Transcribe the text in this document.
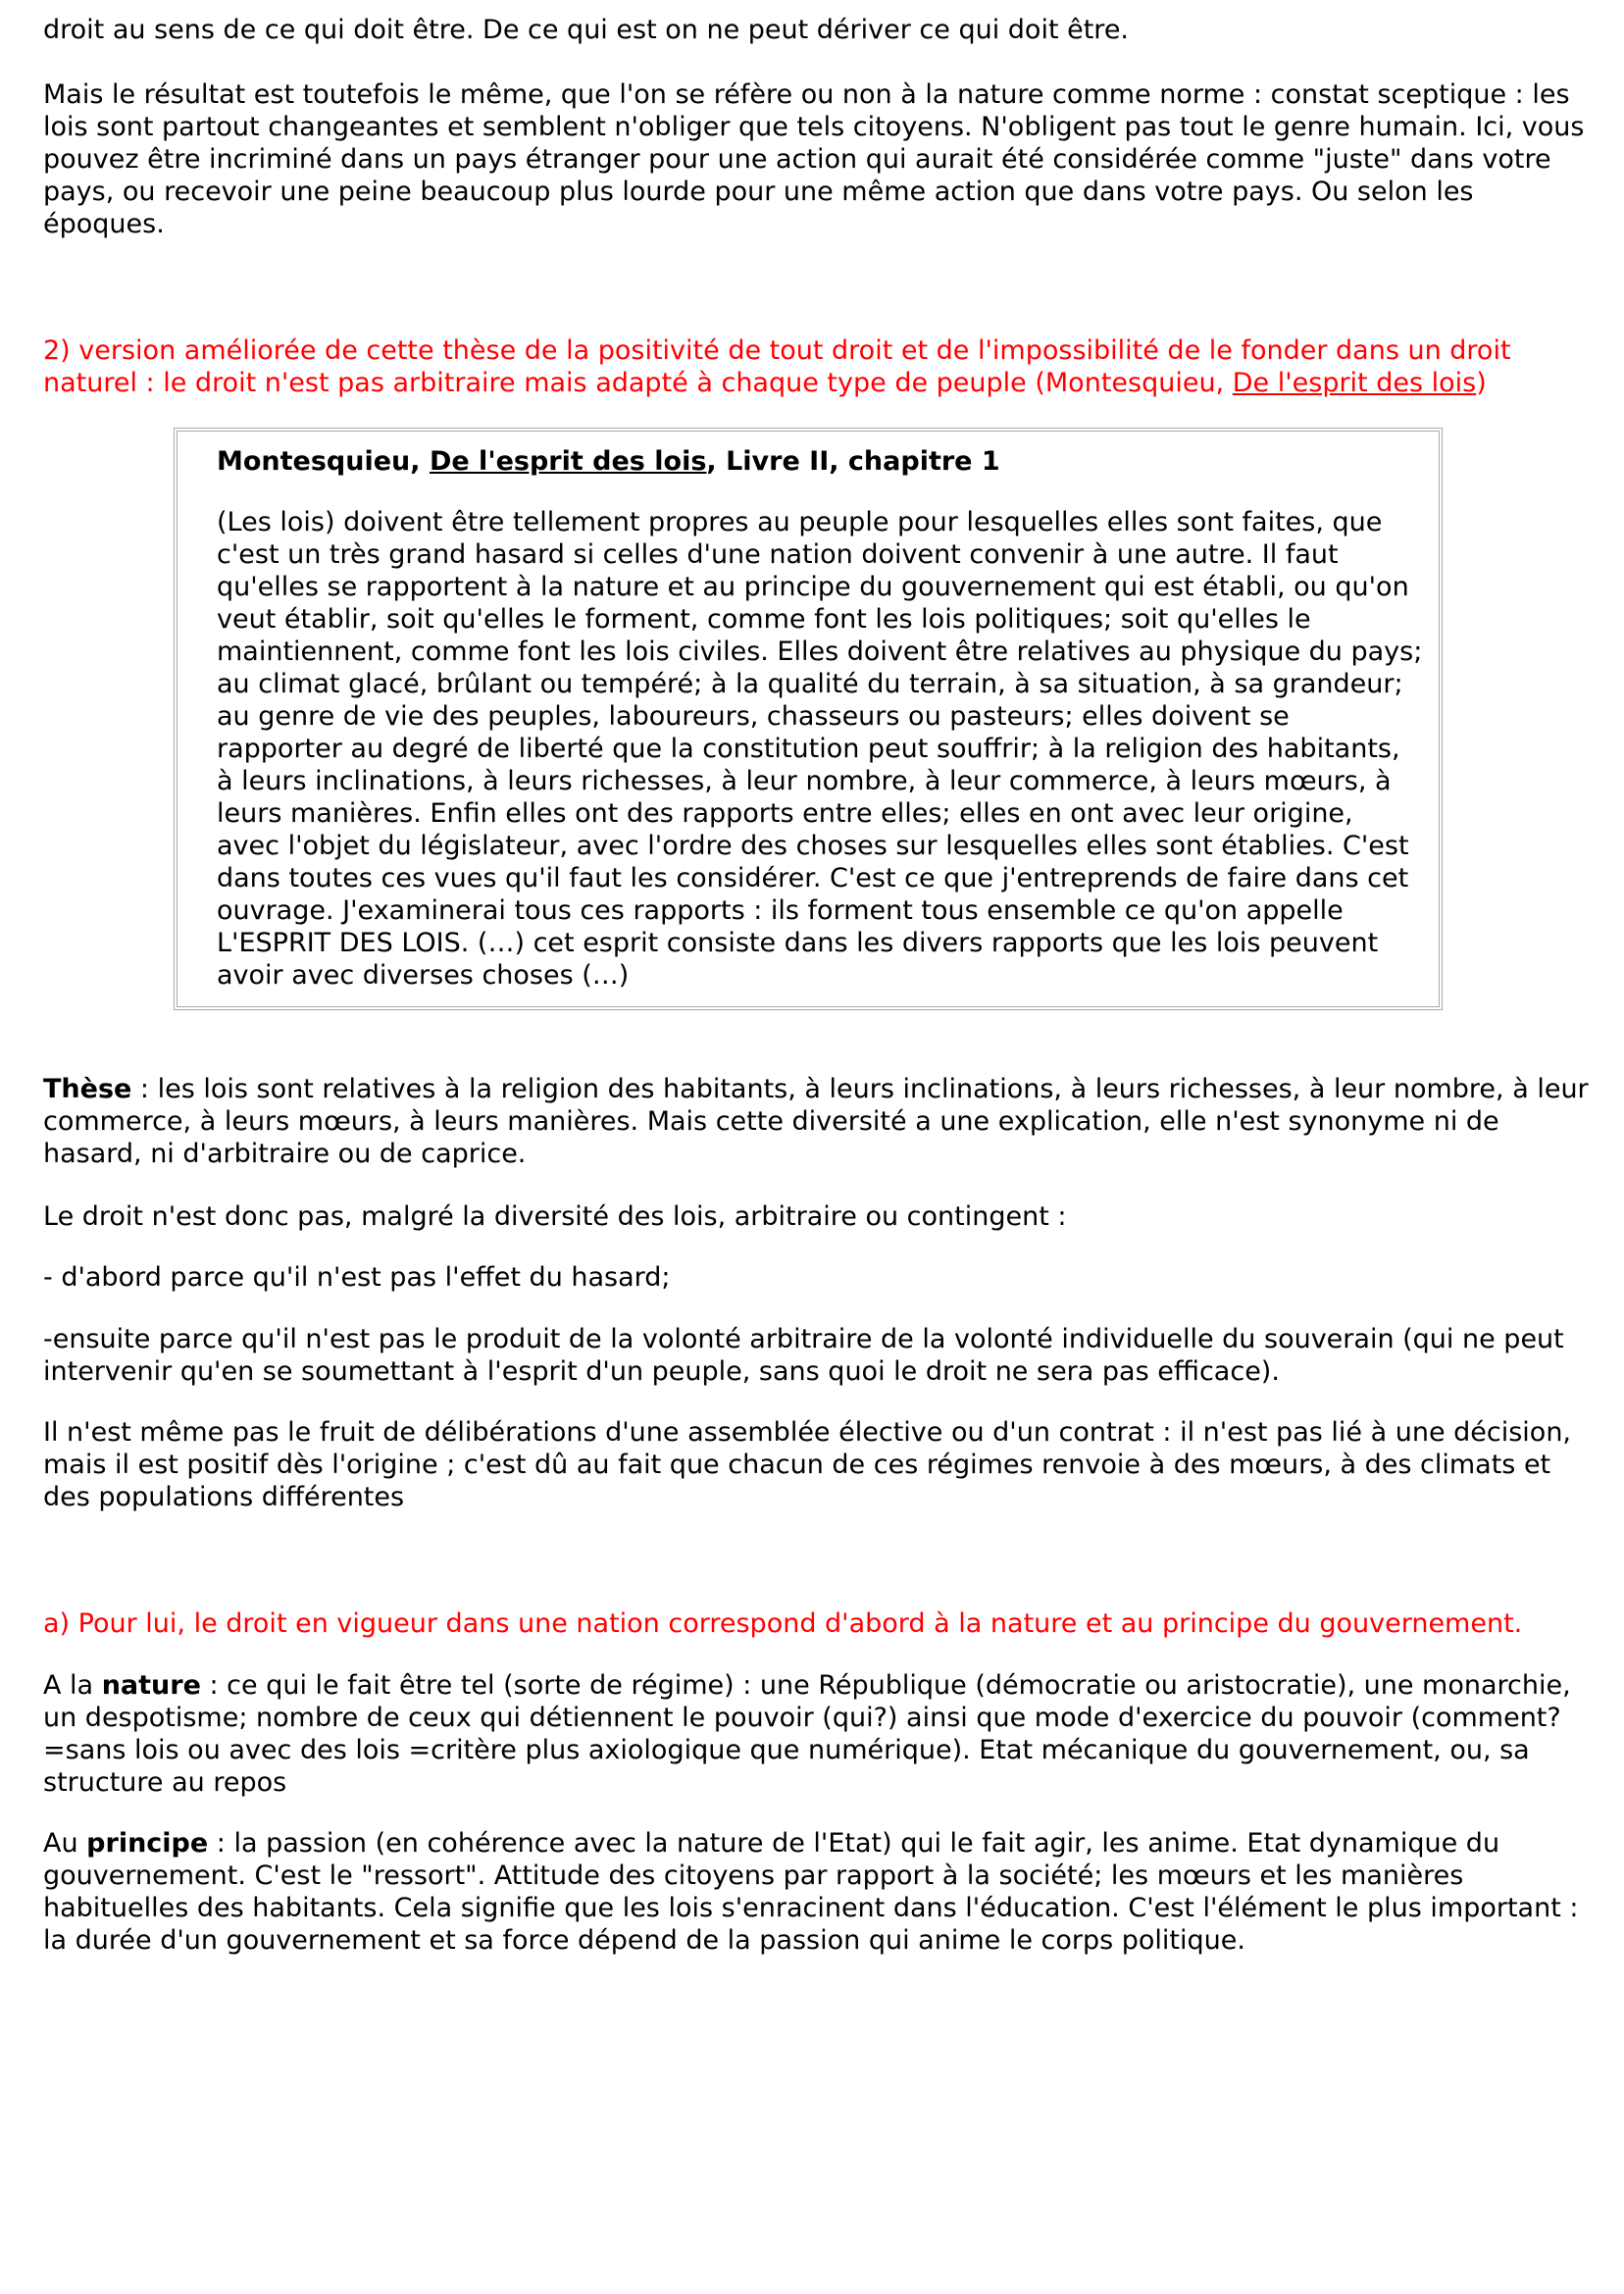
droit au sens de ce qui doit être. De ce qui est on ne peut dériver ce qui doit être.

Mais le résultat est toutefois le même, que l'on se réfère ou non à la nature comme norme : constat sceptique : les lois sont partout changeantes et semblent n'obliger que tels citoyens. N'obligent pas tout le genre humain. Ici, vous pouvez être incriminé dans un pays étranger pour une action qui aurait été considérée comme "juste" dans votre pays, ou recevoir une peine beaucoup plus lourde pour une même action que dans votre pays. Ou selon les époques.

2) version améliorée de cette thèse de la positivité de tout droit et de l'impossibilité de le fonder dans un droit naturel : le droit n'est pas arbitraire mais adapté à chaque type de peuple (Montesquieu, De l'esprit des lois)

Montesquieu, De l'esprit des lois, Livre II, chapitre 1

(Les lois) doivent être tellement propres au peuple pour lesquelles elles sont faites, que c'est un très grand hasard si celles d'une nation doivent convenir à une autre. Il faut qu'elles se rapportent à la nature et au principe du gouvernement qui est établi, ou qu'on veut établir, soit qu'elles le forment, comme font les lois politiques; soit qu'elles le maintiennent, comme font les lois civiles. Elles doivent être relatives au physique du pays; au climat glacé, brûlant ou tempéré; à la qualité du terrain, à sa situation, à sa grandeur; au genre de vie des peuples, laboureurs, chasseurs ou pasteurs; elles doivent se rapporter au degré de liberté que la constitution peut souffrir; à la religion des habitants, à leurs inclinations, à leurs richesses, à leur nombre, à leur commerce, à leurs mœurs, à leurs manières. Enfin elles ont des rapports entre elles; elles en ont avec leur origine, avec l'objet du législateur, avec l'ordre des choses sur lesquelles elles sont établies. C'est dans toutes ces vues qu'il faut les considérer. C'est ce que j'entreprends de faire dans cet ouvrage. J'examinerai tous ces rapports : ils forment tous ensemble ce qu'on appelle L'ESPRIT DES LOIS. (…) cet esprit consiste dans les divers rapports que les lois peuvent avoir avec diverses choses (…)

Thèse : les lois sont relatives à la religion des habitants, à leurs inclinations, à leurs richesses, à leur nombre, à leur commerce, à leurs mœurs, à leurs manières. Mais cette diversité a une explication, elle n'est synonyme ni de hasard, ni d'arbitraire ou de caprice.

Le droit n'est donc pas, malgré la diversité des lois, arbitraire ou contingent :

- d'abord parce qu'il n'est pas l'effet du hasard;

-ensuite parce qu'il n'est pas le produit de la volonté arbitraire de la volonté individuelle du souverain (qui ne peut intervenir qu'en se soumettant à l'esprit d'un peuple, sans quoi le droit ne sera pas efficace).

Il n'est même pas le fruit de délibérations d'une assemblée élective ou d'un contrat : il n'est pas lié à une décision, mais il est positif dès l'origine ; c'est dû au fait que chacun de ces régimes renvoie à des mœurs, à des climats et des populations différentes

a) Pour lui, le droit en vigueur dans une nation correspond d'abord à la nature et au principe du gouvernement.

A la nature : ce qui le fait être tel (sorte de régime) : une République (démocratie ou aristocratie), une monarchie, un despotisme; nombre de ceux qui détiennent le pouvoir (qui?) ainsi que mode d'exercice du pouvoir (comment? =sans lois ou avec des lois =critère plus axiologique que numérique). Etat mécanique du gouvernement, ou, sa structure au repos

Au principe : la passion (en cohérence avec la nature de l'Etat) qui le fait agir, les anime. Etat dynamique du gouvernement. C'est le "ressort". Attitude des citoyens par rapport à la société; les mœurs et les manières habituelles des habitants. Cela signifie que les lois s'enracinent dans l'éducation. C'est l'élément le plus important : la durée d'un gouvernement et sa force dépend de la passion qui anime le corps politique.
